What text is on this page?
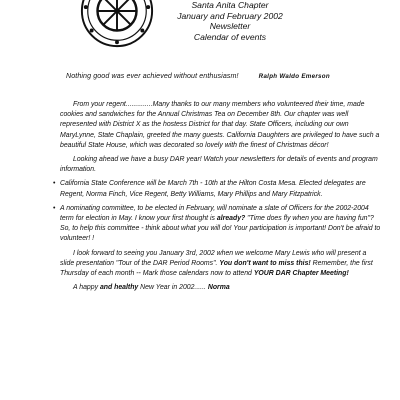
Santa Anita Chapter
January and February 2002
Newsletter
Calendar of events
Nothing good was ever achieved without enthusiasm!	Ralph Waldo Emerson

From your regent..............Many thanks to our many members who volunteered their time, made cookies and sandwiches for the Annual Christmas Tea on December 8th. Our chapter was well represented with District X as the hostess District for that day. State Officers, including our own MaryLynne, State Chaplain, greeted the many guests. California Daughters are privileged to have such a beautiful State House, which was decorated so lovely with the finest of Christmas décor!

Looking ahead we have a busy DAR year! Watch your newsletters for details of events and program information.

• California State Conference will be March 7th - 10th at the Hilton Costa Mesa. Elected delegates are Regent, Norma Finch, Vice Regent, Betty Williams, Mary Phillips and Mary Fitzpatrick.

• A nominating committee, to be elected in February, will nominate a slate of Officers for the 2002-2004 term for election in May. I know your first thought is already? "Time does fly when you are having fun"? So, to help this committee - think about what you will do! Your participation is important! Don't be afraid to volunteer! !

I look forward to seeing you January 3rd, 2002 when we welcome Mary Lewis who will present a slide presentation "Tour of the DAR Period Rooms". You don't want to miss this! Remember, the first Thursday of each month -- Mark those calendars now to attend YOUR DAR Chapter Meeting!

A happy and healthy New Year in 2002...... Norma
